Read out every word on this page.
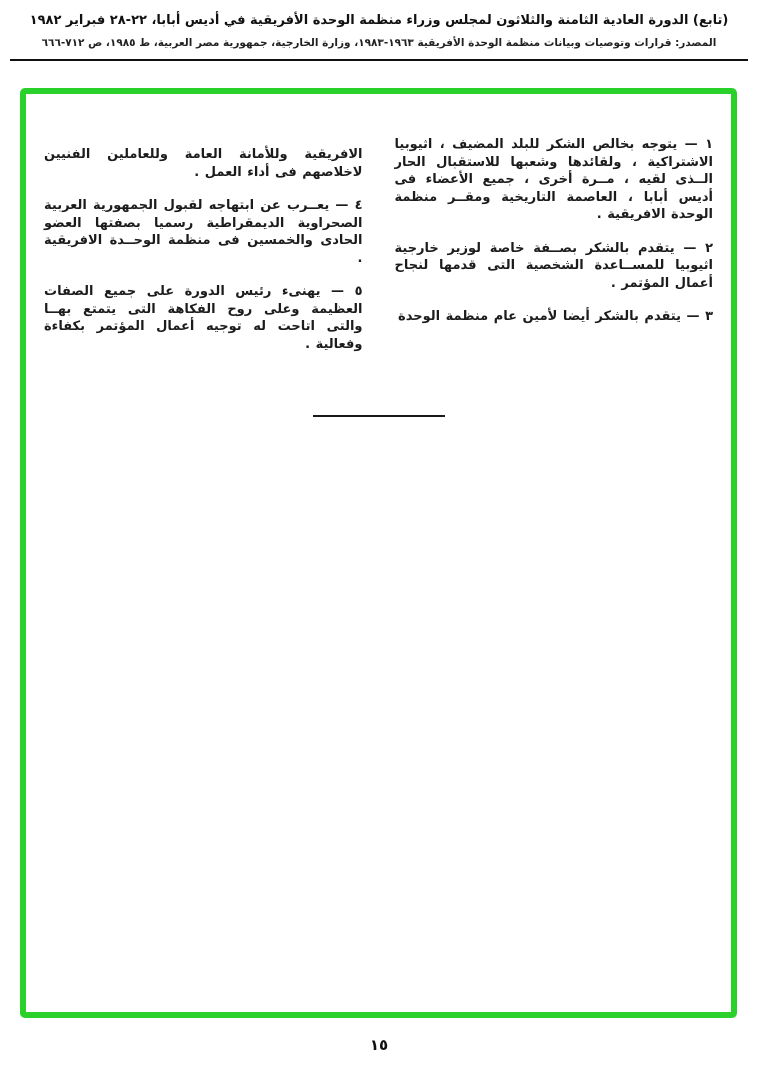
(تابع) الدورة العادية الثامنة والثلاثون لمجلس وزراء منظمة الوحدة الأفريقية في أديس أبابا، ٢٢-٢٨ فبراير ١٩٨٢
المصدر: قرارات وتوصيات وبيانات منظمة الوحدة الأفريقية ١٩٦٣-١٩٨٣، وزارة الخارجية، جمهورية مصر العربية، ط ١٩٨٥، ص ٧١٢-٦٦٦

١ — يتوجه بخالص الشكر للبلد المضيف ، اثيوبيا الاشتراكية ، ولقائدها وشعبها للاستقبال الحار الــذى لقيه ، مــرة أخرى ، جميع الأعضاء فى أديس أبابا ، العاصمة التاريخية ومقــر منظمة الوحدة الافريقية .

٢ — يتقدم بالشكر بصــفة خاصة لوزير خارجية اثيوبيا للمســاعدة الشخصية التى قدمها لنجاح أعمال المؤتمر .

٣ — يتقدم بالشكر أيضا لأمين عام منظمة الوحدة

الافريقية وللأمانة العامة وللعاملين الفنيين لاخلاصهم فى أداء العمل .

٤ — يعــرب عن ابتهاجه لقبول الجمهورية العربية الصحراوية الديمقراطية رسميا بصفتها العضو الحادى والخمسين فى منظمة الوحــدة الافريقية .

٥ — يهنىء رئيس الدورة على جميع الصفات العظيمة وعلى روح الفكاهة التى يتمتع بهــا والتى اتاحت له توجيه أعمال المؤتمر بكفاءة وفعالية .

١٥
